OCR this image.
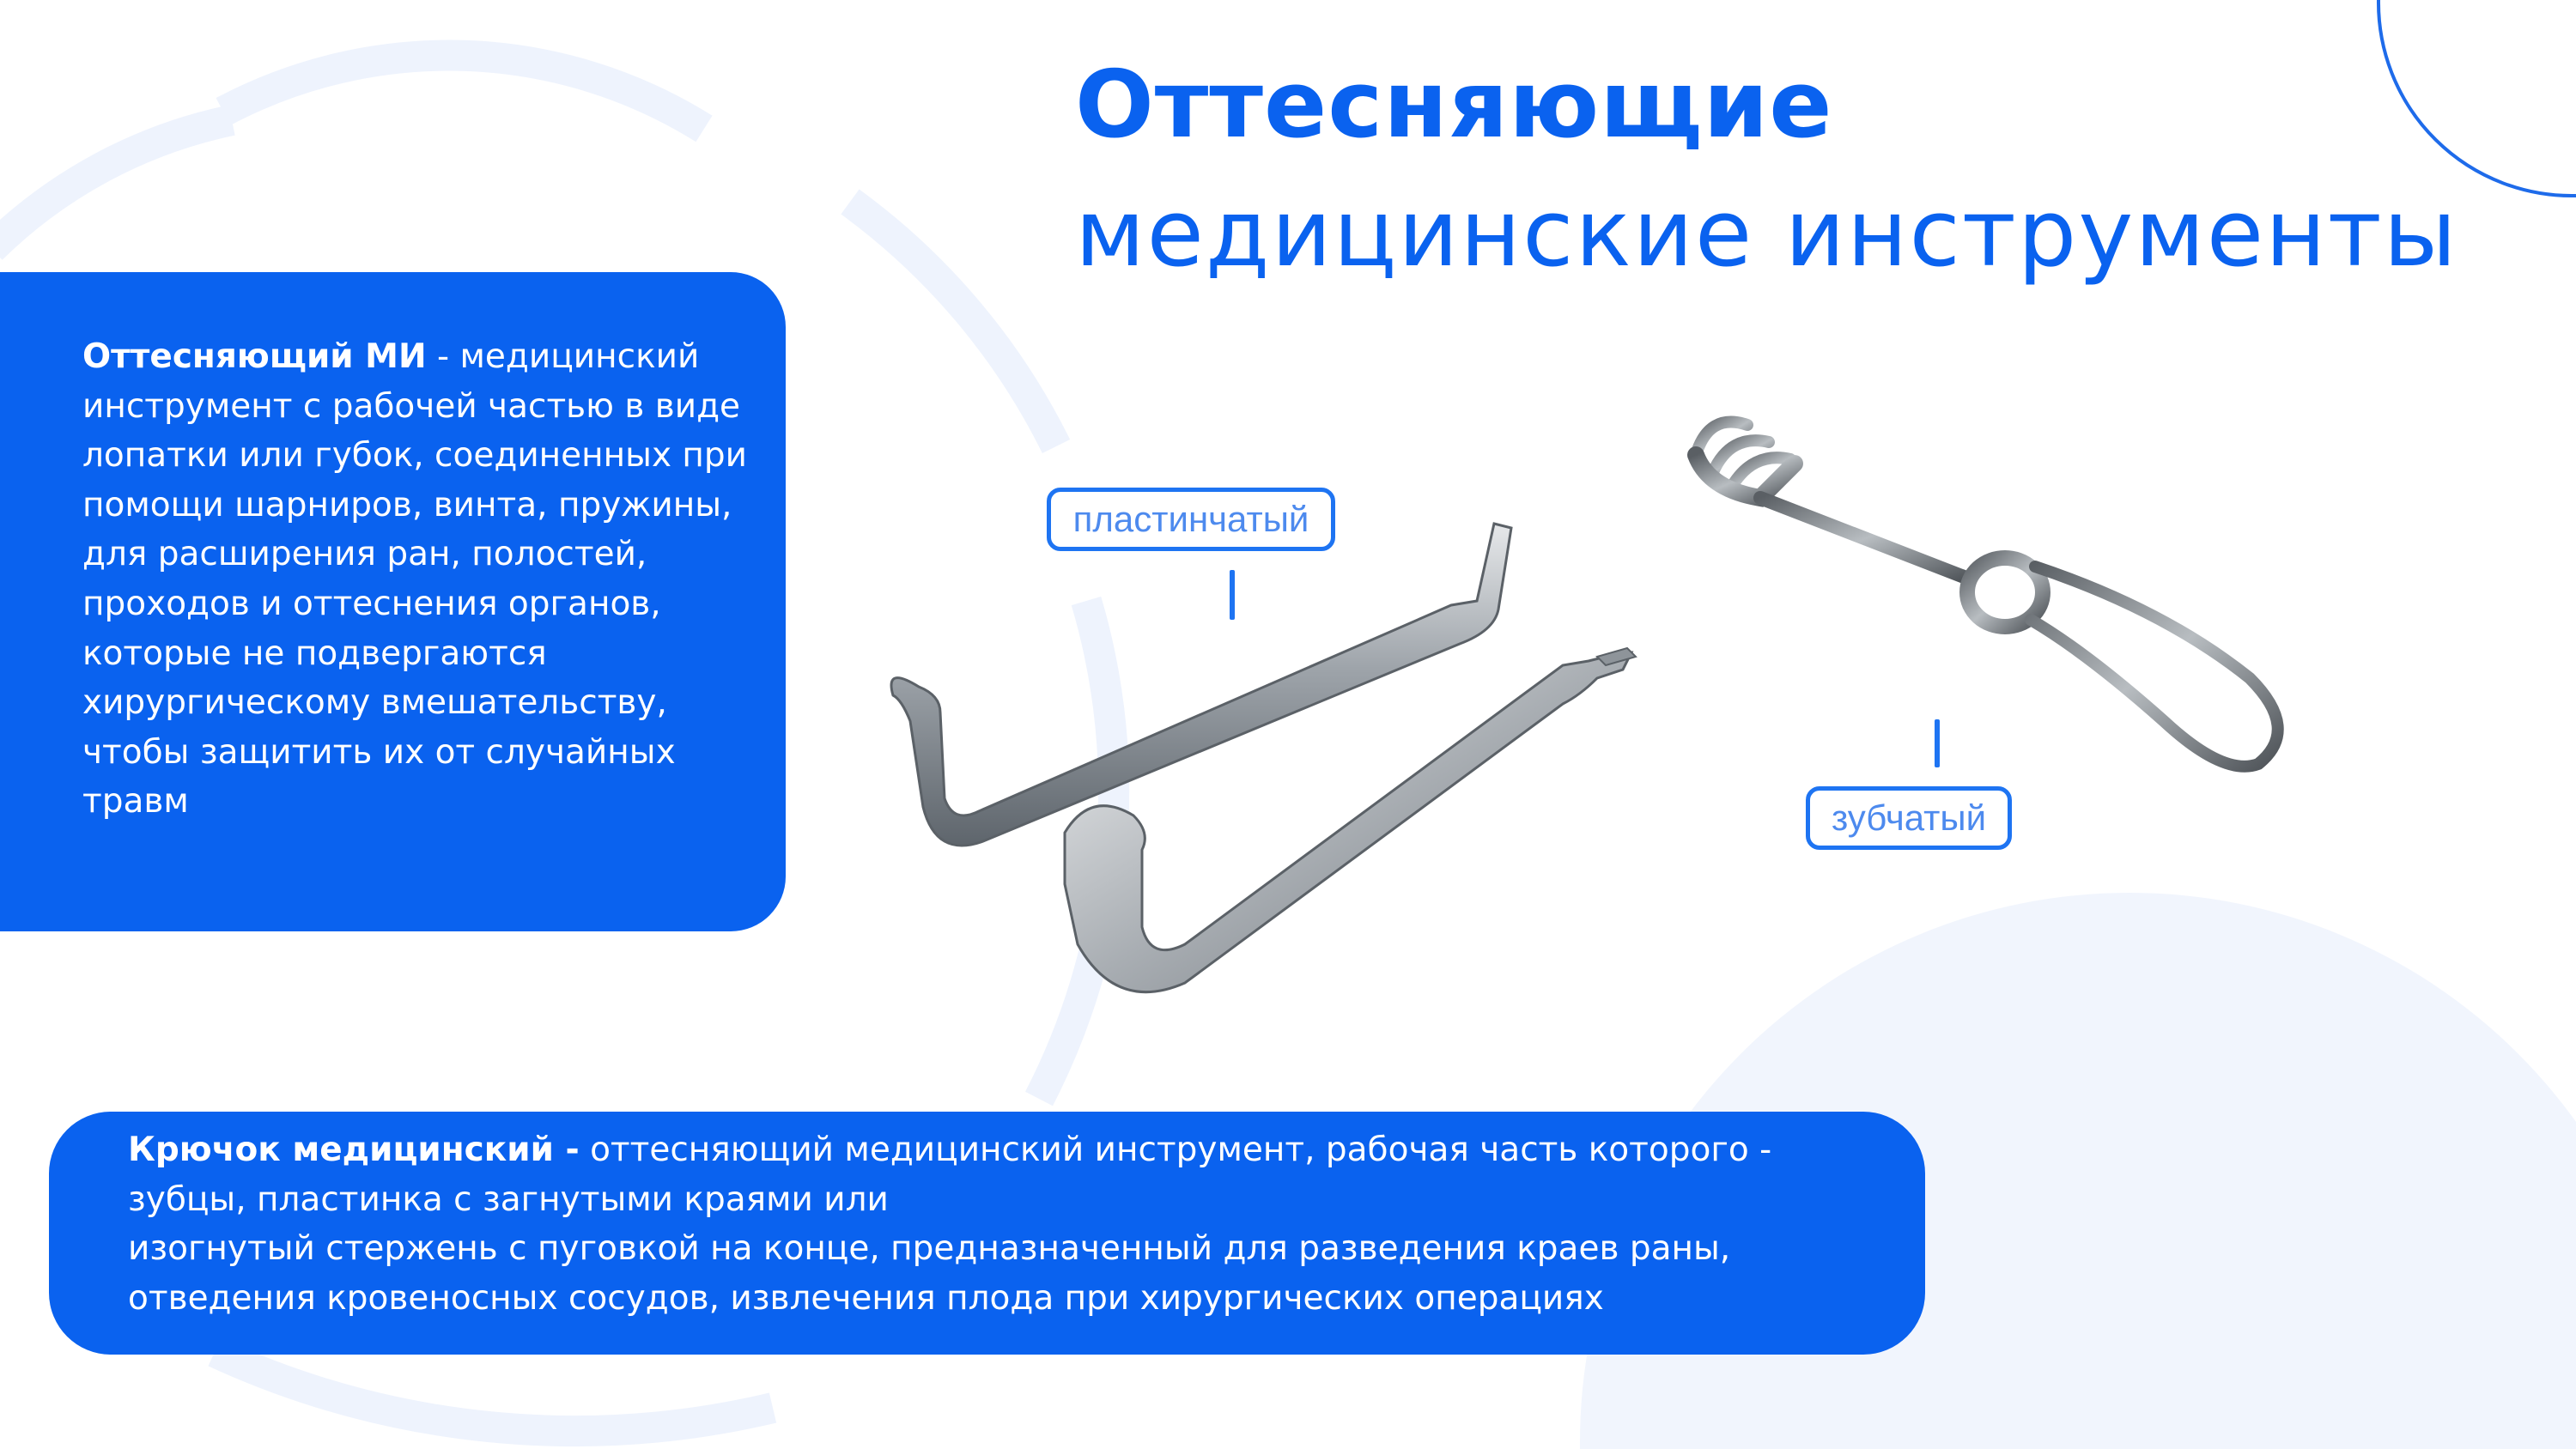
Оттесняющие
медицинские инструменты
Оттесняющий МИ - медицинский
инструмент с рабочей частью в виде
лопатки или губок, соединенных при
помощи шарниров, винта, пружины,
для расширения ран, полостей,
проходов и оттеснения органов,
которые не подвергаются
хирургическому вмешательству,
чтобы защитить их от случайных
травм
Крючок медицинский - оттесняющий медицинский инструмент, рабочая часть которого -
зубцы, пластинка с загнутыми краями или
изогнутый стержень с пуговкой на конце, предназначенный для разведения краев раны,
отведения кровеносных сосудов, извлечения плода при хирургических операциях
пластинчатый
зубчатый
